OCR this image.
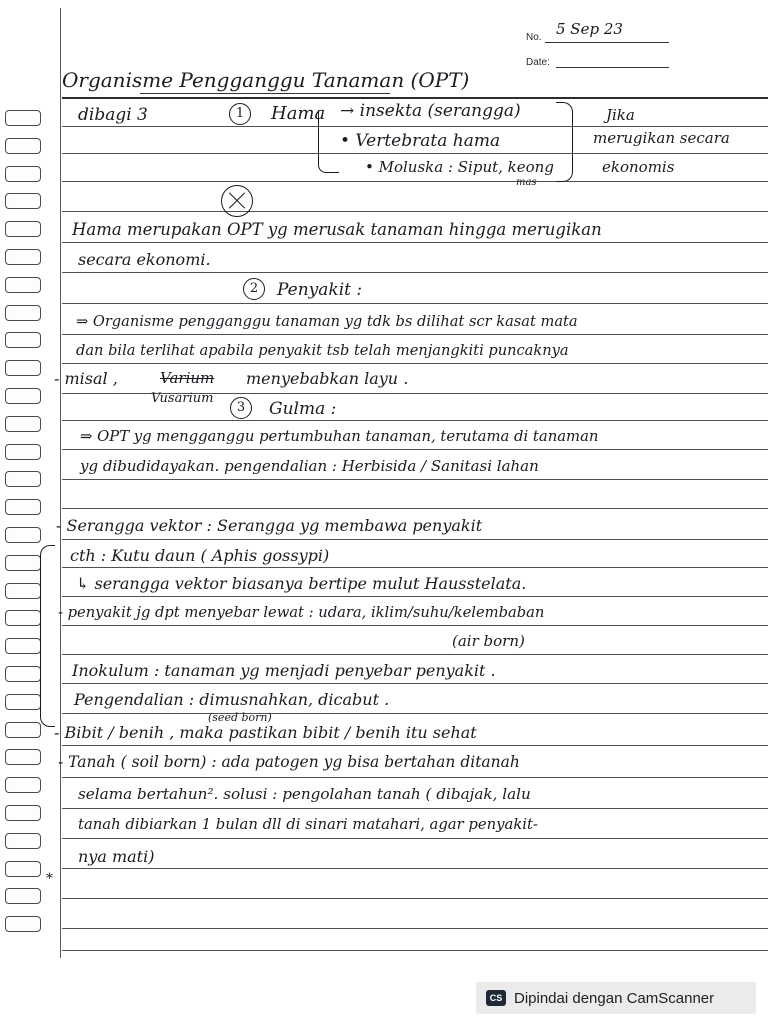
No. 5 Sep 23
Date:
Organisme Pengganggu Tanaman (OPT)
dibagi 3	1	Hama → insekta (serangga)
• Vertebrata hama
• Moluska : Siput, keong
mas
Jika
merugikan secara
ekonomis
Hama merupakan OPT yg merusak tanaman hingga merugikan
secara ekonomi.
2	Penyakit :
⇒ Organisme pengganggu tanaman yg tdk bs dilihat scr kasat mata
dan bila terlihat apabila penyakit tsb telah menjangkiti puncaknya
- misal ,	Varium menyebabkan layu .
Vusarium
3	Gulma :
⇒ OPT yg mengganggu pertumbuhan tanaman, terutama di tanaman
yg dibudidayakan. pengendalian : Herbisida / Sanitasi lahan
- Serangga vektor : Serangga yg membawa penyakit
cth : Kutu daun ( Aphis gossypi)
↳ serangga vektor biasanya bertipe mulut Hausstelata.
- penyakit jg dpt menyebar lewat : udara, iklim/suhu/kelembaban
(air born)
Inokulum : tanaman yg menjadi penyebar penyakit .
Pengendalian : dimusnahkan, dicabut .
(seed born)
- Bibit / benih , maka pastikan bibit / benih itu sehat
- Tanah ( soil born) : ada patogen yg bisa bertahan ditanah
selama bertahun². solusi : pengolahan tanah ( dibajak, lalu
tanah dibiarkan 1 bulan dll di sinari matahari, agar penyakit-
nya mati)
*
CS Dipindai dengan CamScanner
